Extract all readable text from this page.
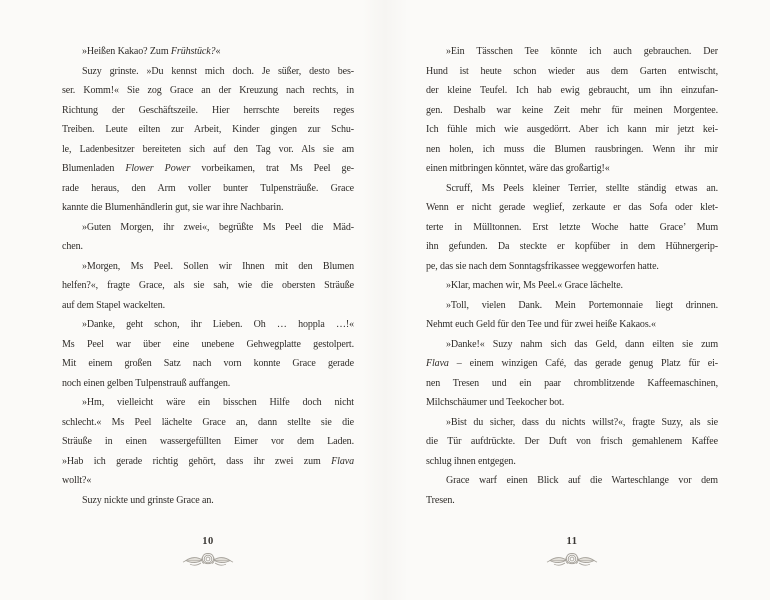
»Heißen Kakao? Zum Frühstück?«
Suzy grinste. »Du kennst mich doch. Je süßer, desto bes-
ser. Komm!« Sie zog Grace an der Kreuzung nach rechts, in
Richtung der Geschäftszeile. Hier herrschte bereits reges
Treiben. Leute eilten zur Arbeit, Kinder gingen zur Schu-
le, Ladenbesitzer bereiteten sich auf den Tag vor. Als sie am
Blumenladen Flower Power vorbeikamen, trat Ms Peel ge-
rade heraus, den Arm voller bunter Tulpensträuße. Grace
kannte die Blumenhändlerin gut, sie war ihre Nachbarin.
»Guten Morgen, ihr zwei«, begrüßte Ms Peel die Mäd-
chen.
»Morgen, Ms Peel. Sollen wir Ihnen mit den Blumen
helfen?«, fragte Grace, als sie sah, wie die obersten Sträuße
auf dem Stapel wackelten.
»Danke, geht schon, ihr Lieben. Oh … hoppla …!«
Ms Peel war über eine unebene Gehwegplatte gestolpert.
Mit einem großen Satz nach vorn konnte Grace gerade
noch einen gelben Tulpenstrauß auffangen.
»Hm, vielleicht wäre ein bisschen Hilfe doch nicht
schlecht.« Ms Peel lächelte Grace an, dann stellte sie die
Sträuße in einen wassergefüllten Eimer vor dem Laden.
»Hab ich gerade richtig gehört, dass ihr zwei zum Flava
wollt?«
Suzy nickte und grinste Grace an.
10
»Ein Tässchen Tee könnte ich auch gebrauchen. Der
Hund ist heute schon wieder aus dem Garten entwischt,
der kleine Teufel. Ich hab ewig gebraucht, um ihn einzufan-
gen. Deshalb war keine Zeit mehr für meinen Morgentee.
Ich fühle mich wie ausgedörrt. Aber ich kann mir jetzt kei-
nen holen, ich muss die Blumen rausbringen. Wenn ihr mir
einen mitbringen könntet, wäre das großartig!«
Scruff, Ms Peels kleiner Terrier, stellte ständig etwas an.
Wenn er nicht gerade weglief, zerkaute er das Sofa oder klet-
terte in Mülltonnen. Erst letzte Woche hatte Grace’ Mum
ihn gefunden. Da steckte er kopfüber in dem Hühnergerip-
pe, das sie nach dem Sonntagsfrikassee weggeworfen hatte.
»Klar, machen wir, Ms Peel.« Grace lächelte.
»Toll, vielen Dank. Mein Portemonnaie liegt drinnen.
Nehmt euch Geld für den Tee und für zwei heiße Kakaos.«
»Danke!« Suzy nahm sich das Geld, dann eilten sie zum
Flava – einem winzigen Café, das gerade genug Platz für ei-
nen Tresen und ein paar chromblitzende Kaffeemaschinen,
Milchschäumer und Teekocher bot.
»Bist du sicher, dass du nichts willst?«, fragte Suzy, als sie
die Tür aufdrückte. Der Duft von frisch gemahlenem Kaffee
schlug ihnen entgegen.
Grace warf einen Blick auf die Warteschlange vor dem
Tresen.
11
